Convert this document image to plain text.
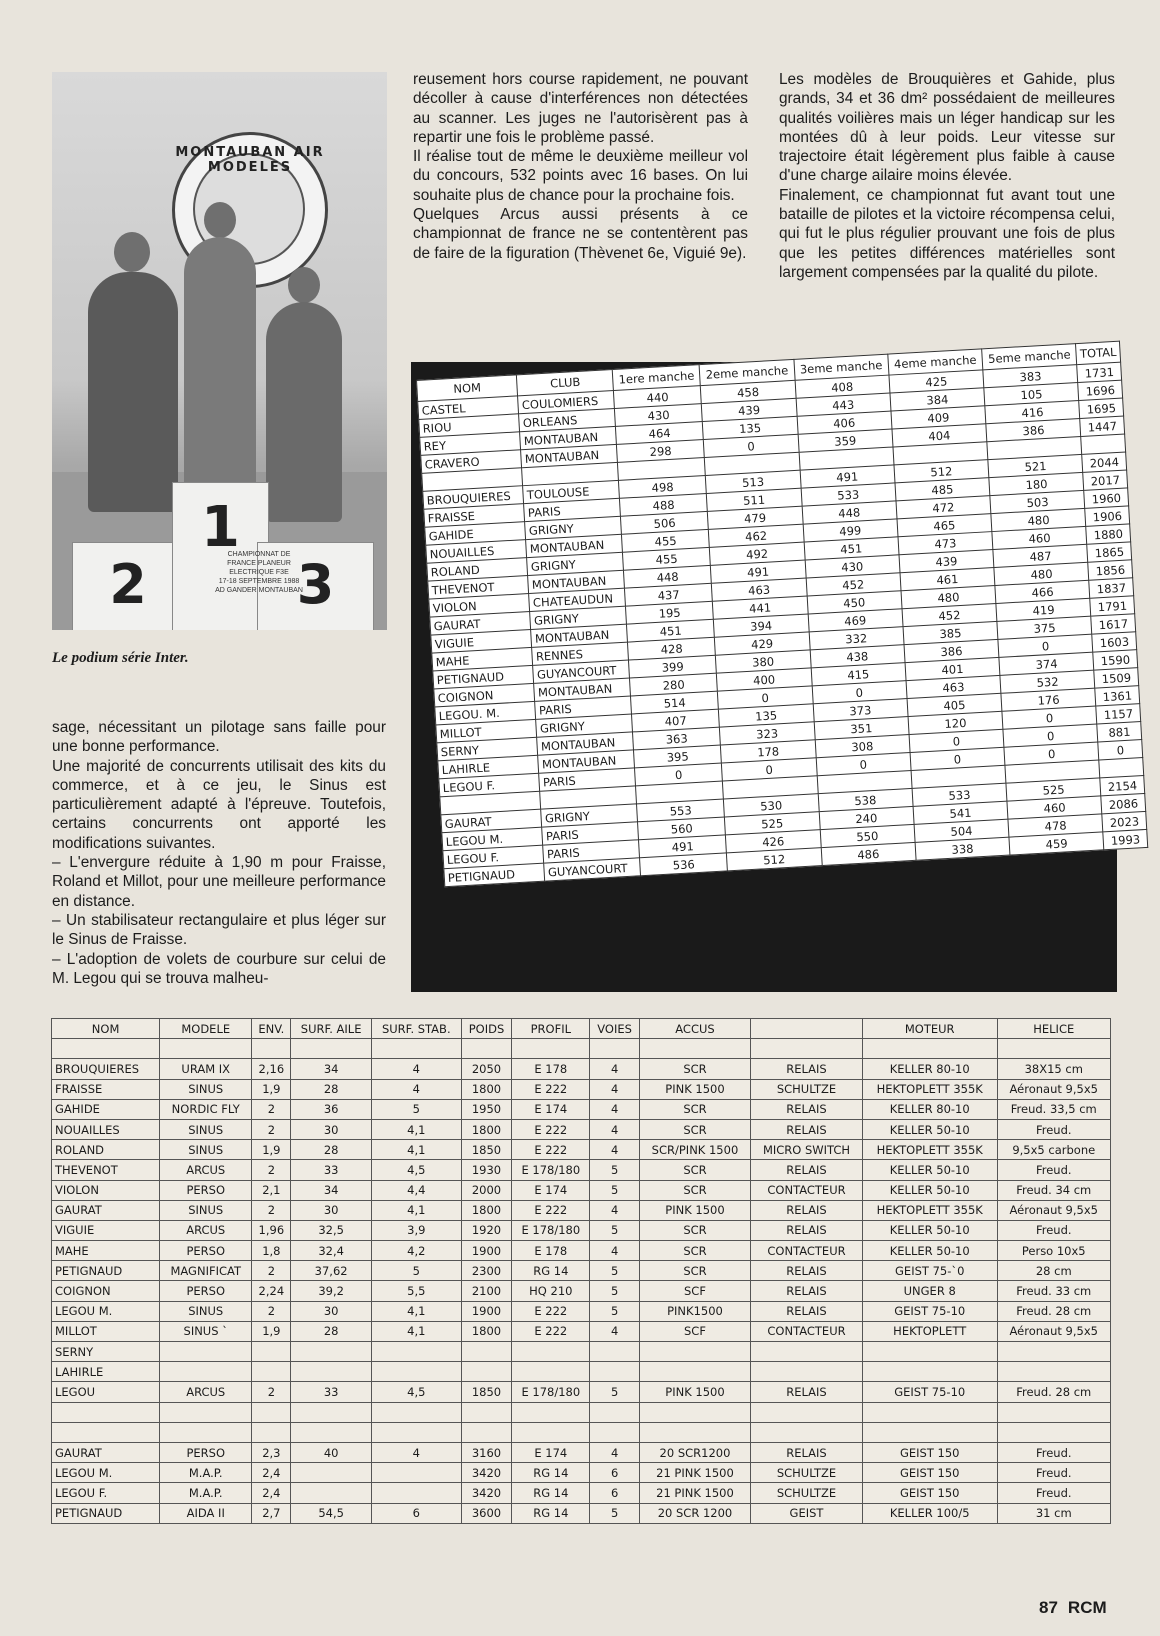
MONTAUBAN AIR MODELES
2
1
3
CHAMPIONNAT DE
FRANCE PLANEUR
ELECTRIQUE F3E
17-18 SEPTEMBRE 1988
AD GANDER MONTAUBAN
Le podium série Inter.

reusement hors course rapidement, ne pouvant décoller à cause d'interférences non détectées au scanner. Les juges ne l'autorisèrent pas à repartir une fois le problème passé.

Il réalise tout de même le deuxième meilleur vol du concours, 532 points avec 16 bases. On lui souhaite plus de chance pour la prochaine fois.

Quelques Arcus aussi présents à ce championnat de france ne se contentèrent pas de faire de la figuration (Thèvenet 6e, Viguié 9e).

Les modèles de Brouquières et Gahide, plus grands, 34 et 36 dm² possédaient de meilleures qualités voilières mais un léger handicap sur les montées dû à leur poids. Leur vitesse sur trajectoire était légèrement plus faible à cause d'une charge ailaire moins élevée.

Finalement, ce championnat fut avant tout une bataille de pilotes et la victoire récompensa celui, qui fut le plus régulier prouvant une fois de plus que les petites différences matérielles sont largement compensées par la qualité du pilote.

sage, nécessitant un pilotage sans faille pour une bonne performance.

Une majorité de concurrents utilisait des kits du commerce, et à ce jeu, le Sinus est particulièrement adapté à l'épreuve. Toutefois, certains concurrents ont apporté les modifications suivantes.

– L'envergure réduite à 1,90 m pour Fraisse, Roland et Millot, pour une meilleure performance en distance.

– Un stabilisateur rectangulaire et plus léger sur le Sinus de Fraisse.

– L'adoption de volets de courbure sur celui de M. Legou qui se trouva malheu-

NOM	CLUB	1ere manche	2eme manche	3eme manche	4eme manche	5eme manche	TOTAL
CASTEL	COULOMIERS	440	458	408	425	383	1731
RIOU	ORLEANS	430	439	443	384	105	1696
REY	MONTAUBAN	464	135	406	409	416	1695
CRAVERO	MONTAUBAN	298	0	359	404	386	1447

BROUQUIERES	TOULOUSE	498	513	491	512	521	2044
FRAISSE	PARIS	488	511	533	485	180	2017
GAHIDE	GRIGNY	506	479	448	472	503	1960
NOUAILLES	MONTAUBAN	455	462	499	465	480	1906
ROLAND	GRIGNY	455	492	451	473	460	1880
THEVENOT	MONTAUBAN	448	491	430	439	487	1865
VIOLON	CHATEAUDUN	437	463	452	461	480	1856
GAURAT	GRIGNY	195	441	450	480	466	1837
VIGUIE	MONTAUBAN	451	394	469	452	419	1791
MAHE	RENNES	428	429	332	385	375	1617
PETIGNAUD	GUYANCOURT	399	380	438	386	0	1603
COIGNON	MONTAUBAN	280	400	415	401	374	1590
LEGOU. M.	PARIS	514	0	0	463	532	1509
MILLOT	GRIGNY	407	135	373	405	176	1361
SERNY	MONTAUBAN	363	323	351	120	0	1157
LAHIRLE	MONTAUBAN	395	178	308	0	0	881
LEGOU F.	PARIS	0	0	0	0	0	0

GAURAT	GRIGNY	553	530	538	533	525	2154
LEGOU M.	PARIS	560	525	240	541	460	2086
LEGOU F.	PARIS	491	426	550	504	478	2023
PETIGNAUD	GUYANCOURT	536	512	486	338	459	1993
NOM	MODELE	ENV.	SURF. AILE	SURF. STAB.	POIDS	PROFIL	VOIES	ACCUS		MOTEUR	HELICE

BROUQUIERES	URAM IX	2,16	34	4	2050	E 178	4	SCR	RELAIS	KELLER 80-10	38X15 cm
FRAISSE	SINUS	1,9	28	4	1800	E 222	4	PINK 1500	SCHULTZE	HEKTOPLETT 355K	Aéronaut 9,5x5
GAHIDE	NORDIC FLY	2	36	5	1950	E 174	4	SCR	RELAIS	KELLER 80-10	Freud. 33,5 cm
NOUAILLES	SINUS	2	30	4,1	1800	E 222	4	SCR	RELAIS	KELLER 50-10	Freud.
ROLAND	SINUS	1,9	28	4,1	1850	E 222	4	SCR/PINK 1500	MICRO SWITCH	HEKTOPLETT 355K	9,5x5 carbone
THEVENOT	ARCUS	2	33	4,5	1930	E 178/180	5	SCR	RELAIS	KELLER 50-10	Freud.
VIOLON	PERSO	2,1	34	4,4	2000	E 174	5	SCR	CONTACTEUR	KELLER 50-10	Freud. 34 cm
GAURAT	SINUS	2	30	4,1	1800	E 222	4	PINK 1500	RELAIS	HEKTOPLETT 355K	Aéronaut 9,5x5
VIGUIE	ARCUS	1,96	32,5	3,9	1920	E 178/180	5	SCR	RELAIS	KELLER 50-10	Freud.
MAHE	PERSO	1,8	32,4	4,2	1900	E 178	4	SCR	CONTACTEUR	KELLER 50-10	Perso 10x5
PETIGNAUD	MAGNIFICAT	2	37,62	5	2300	RG 14	5	SCR	RELAIS	GEIST 75-`0	28 cm
COIGNON	PERSO	2,24	39,2	5,5	2100	HQ 210	5	SCF	RELAIS	UNGER 8	Freud. 33 cm
LEGOU M.	SINUS	2	30	4,1	1900	E 222	5	PINK1500	RELAIS	GEIST 75-10	Freud. 28 cm
MILLOT	SINUS `	1,9	28	4,1	1800	E 222	4	SCF	CONTACTEUR	HEKTOPLETT	Aéronaut 9,5x5
SERNY											
LAHIRLE											
LEGOU	ARCUS	2	33	4,5	1850	E 178/180	5	PINK 1500	RELAIS	GEIST 75-10	Freud. 28 cm

GAURAT	PERSO	2,3	40	4	3160	E 174	4	20 SCR1200	RELAIS	GEIST 150	Freud.
LEGOU M.	M.A.P.	2,4			3420	RG 14	6	21 PINK 1500	SCHULTZE	GEIST 150	Freud.
LEGOU F.	M.A.P.	2,4			3420	RG 14	6	21 PINK 1500	SCHULTZE	GEIST 150	Freud.
PETIGNAUD	AIDA II	2,7	54,5	6	3600	RG 14	5	20 SCR 1200	GEIST	KELLER 100/5	31 cm
87 RCM
